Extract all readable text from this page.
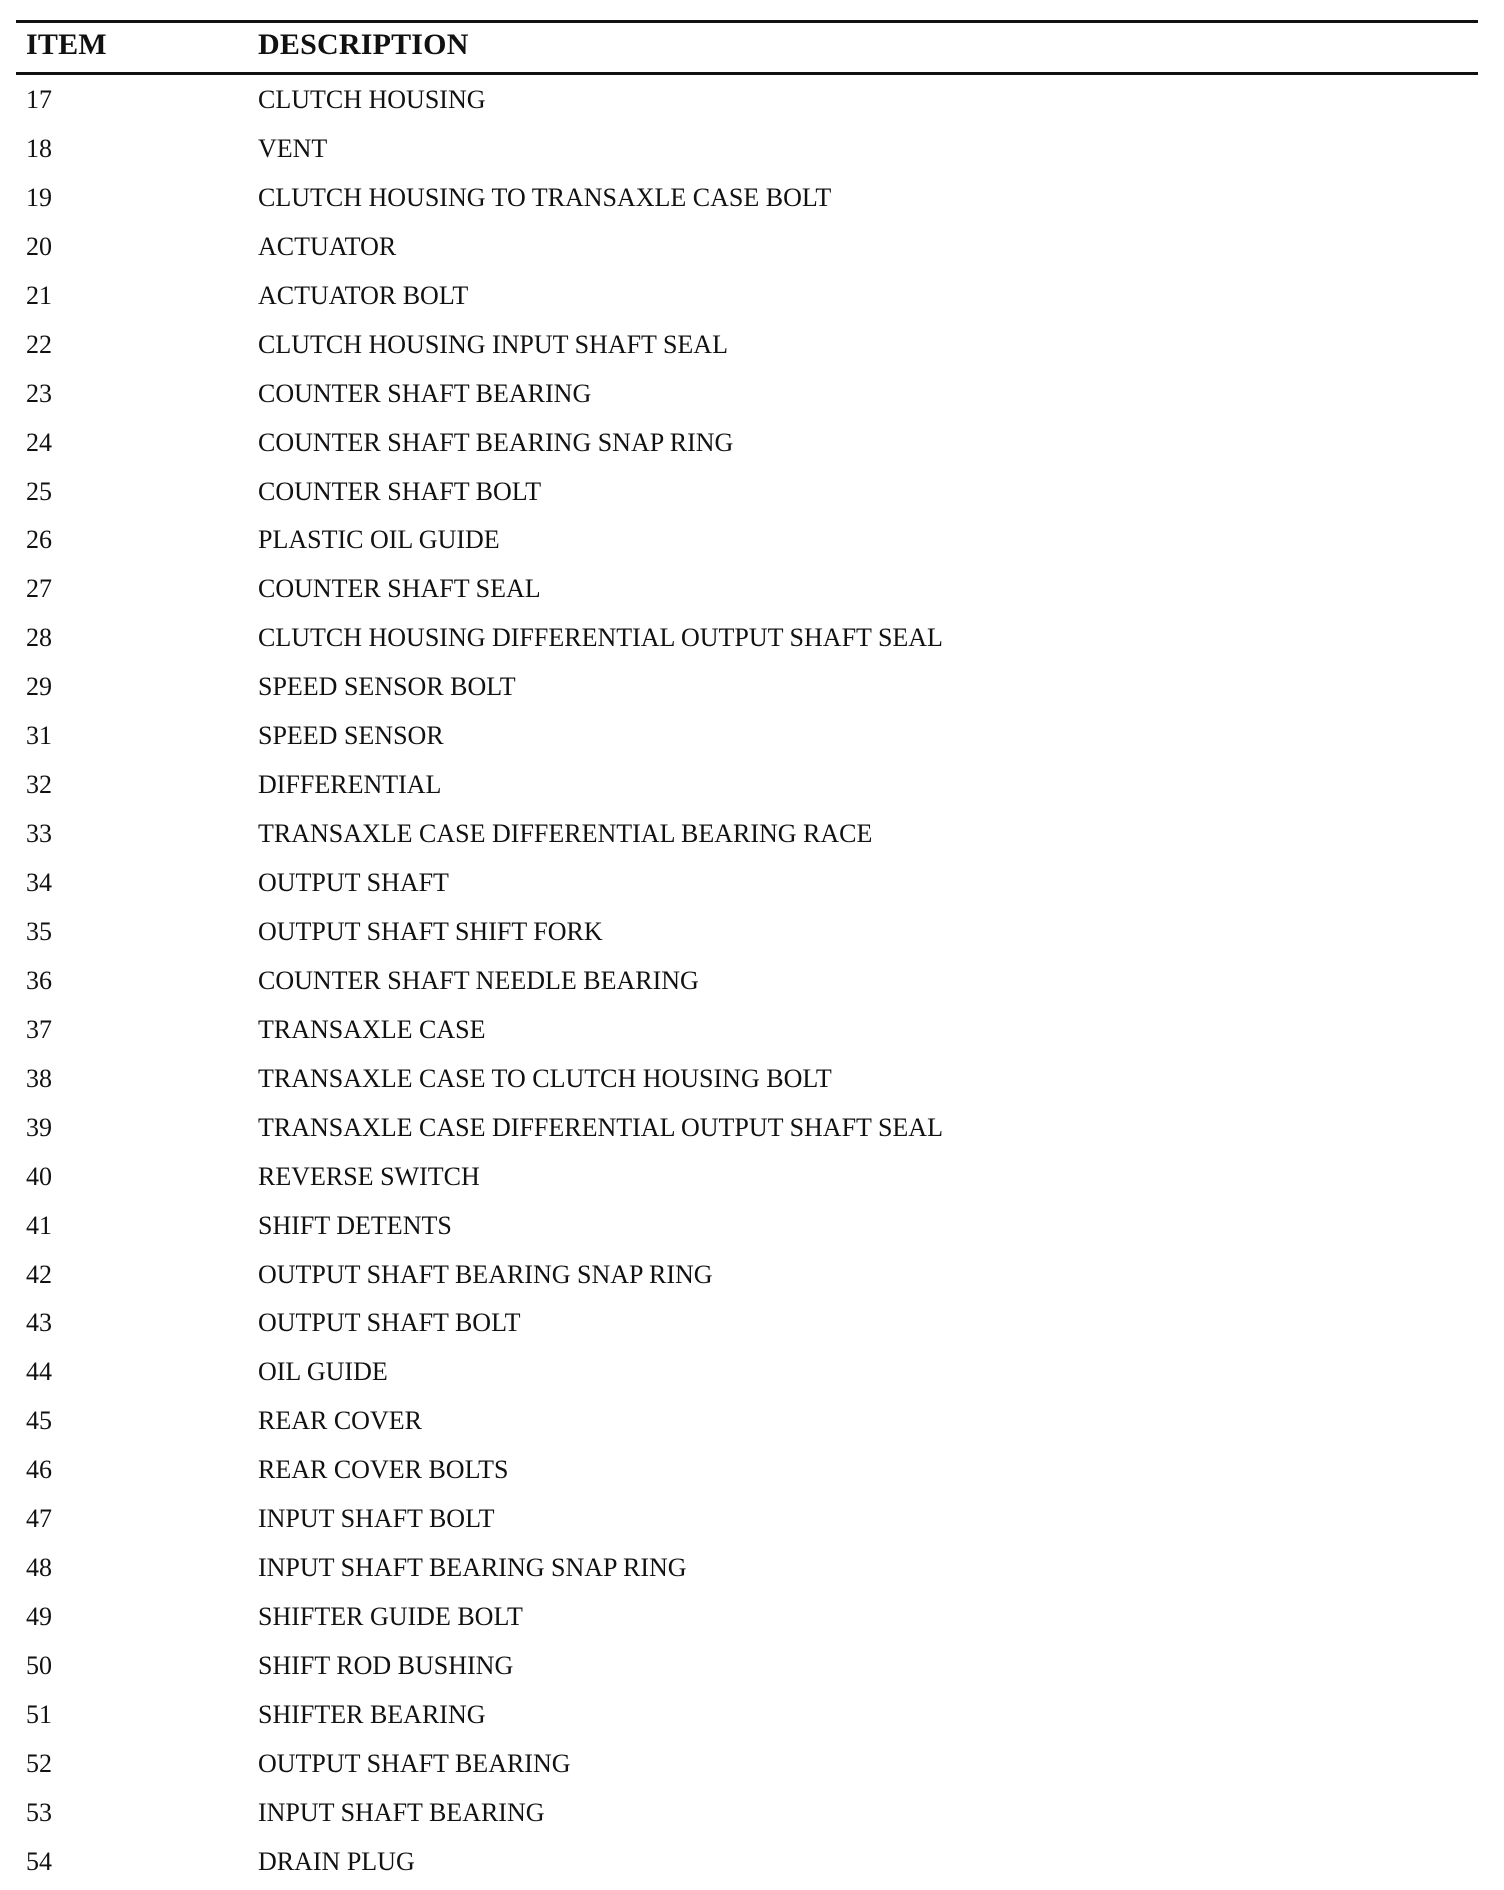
ITEM	DESCRIPTION
17	CLUTCH HOUSING
18	VENT
19	CLUTCH HOUSING TO TRANSAXLE CASE BOLT
20	ACTUATOR
21	ACTUATOR BOLT
22	CLUTCH HOUSING INPUT SHAFT SEAL
23	COUNTER SHAFT BEARING
24	COUNTER SHAFT BEARING SNAP RING
25	COUNTER SHAFT BOLT
26	PLASTIC OIL GUIDE
27	COUNTER SHAFT SEAL
28	CLUTCH HOUSING DIFFERENTIAL OUTPUT SHAFT SEAL
29	SPEED SENSOR BOLT
31	SPEED SENSOR
32	DIFFERENTIAL
33	TRANSAXLE CASE DIFFERENTIAL BEARING RACE
34	OUTPUT SHAFT
35	OUTPUT SHAFT SHIFT FORK
36	COUNTER SHAFT NEEDLE BEARING
37	TRANSAXLE CASE
38	TRANSAXLE CASE TO CLUTCH HOUSING BOLT
39	TRANSAXLE CASE DIFFERENTIAL OUTPUT SHAFT SEAL
40	REVERSE SWITCH
41	SHIFT DETENTS
42	OUTPUT SHAFT BEARING SNAP RING
43	OUTPUT SHAFT BOLT
44	OIL GUIDE
45	REAR COVER
46	REAR COVER BOLTS
47	INPUT SHAFT BOLT
48	INPUT SHAFT BEARING SNAP RING
49	SHIFTER GUIDE BOLT
50	SHIFT ROD BUSHING
51	SHIFTER BEARING
52	OUTPUT SHAFT BEARING
53	INPUT SHAFT BEARING
54	DRAIN PLUG
